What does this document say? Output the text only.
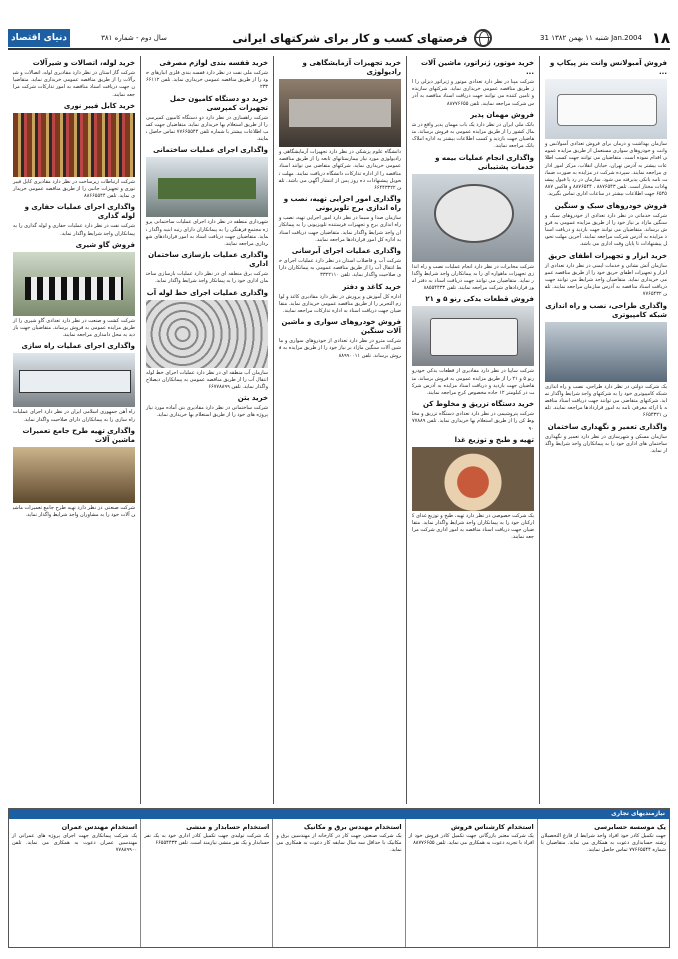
دنیای اقتصاد	سال دوم - شماره ۳۸۱	فرصتهای کسب و کار برای شرکتهای ایرانی	شنبه ۱۱ بهمن ۱۳۸۲ 31 Jan.2004 ۱۸
فروش آمبولانس وانت بنز پیکاپ و ...
سازمان بهداشت و درمان برای فروش تعدادی آمبولانس و وانت و خودروهای سواری مستعمل از طریق مزایده عمومی اقدام نموده است. متقاضیان می توانند جهت کسب اطلاعات بیشتر به آدرس تهران، خیابان انقلاب، مرکز امور اداری مراجعه نمایند. سپرده شرکت در مزایده به صورت ضمانت نامه بانکی پذیرفته می شود. سازمان در رد یا قبول پیشنهادات مختار است. تلفن ۸۸۷۶۵۴۳ ، ۸۸۷۶۵۴۴ و فاکس ۸۸۷۶۵۴۵ جهت اطلاعات بیشتر در ساعات اداری تماس بگیرید.
فروش خودروهای سبک و سنگین
شرکت خدماتی در نظر دارد تعدادی از خودروهای سبک و سنگین مازاد بر نیاز خود را از طریق مزایده عمومی به فروش برساند. متقاضیان می توانند جهت بازدید و دریافت اسناد مزایده به آدرس شرکت مراجعه نمایند. آخرین مهلت تحویل پیشنهادات تا پایان وقت اداری می باشد.
خرید ابزار و تجهیزات اطفای حریق
سازمان آتش نشانی و خدمات ایمنی در نظر دارد تعدادی از ابزار و تجهیزات اطفای حریق خود را از طریق مناقصه عمومی خریداری نماید. متقاضیان واجد شرایط می توانند جهت دریافت اسناد مناقصه به آدرس سازمان مراجعه نمایند. تلفن ۷۷۶۵۴۳۲
واگذاری طراحی، نصب و راه اندازی شبکه کامپیوتری
یک شرکت دولتی در نظر دارد طراحی، نصب و راه اندازی شبکه کامپیوتری خود را به شرکتهای واجد شرایط واگذار نماید. شرکتهای متقاضی می توانند جهت دریافت اسناد مناقصه با ارائه معرفی نامه به امور قراردادها مراجعه نمایند. تلفن ۶۶۵۴۳۲۱
واگذاری تعمیر و نگهداری ساختمان
سازمان مسکن و شهرسازی در نظر دارد تعمیر و نگهداری ساختمان های اداری خود را به پیمانکاران واجد شرایط واگذار نماید.
خرید موتور، ژنراتور، ماشین آلات ...
شرکت مپنا در نظر دارد تعدادی موتور و ژنراتور دیزلی را از طریق مناقصه عمومی خریداری نماید. شرکتهای سازنده و تامین کننده می توانند جهت دریافت اسناد مناقصه به آدرس شرکت مراجعه نمایند. تلفن ۸۸۷۷۶۶۵۵
فروش مهمان پذیر
بانک ملی ایران در نظر دارد یک باب مهمان پذیر واقع در شمال کشور را از طریق مزایده عمومی به فروش برساند. متقاضیان جهت بازدید و کسب اطلاعات بیشتر به اداره املاک بانک مراجعه نمایند.
واگذاری انجام عملیات بیمه و خدمات پشتیبانی
شرکت مخابرات در نظر دارد انجام عملیات نصب و راه اندازی تجهیزات ماهواره ای را به پیمانکاران واجد شرایط واگذار نماید. متقاضیان می توانند جهت دریافت اسناد به دفتر امور قراردادهای شرکت مراجعه نمایند. تلفن ۸۸۵۵۴۴۳۳
فروش قطعات یدکی رنو ۵ و ۲۱
شرکت سایپا در نظر دارد مقادیری از قطعات یدکی خودرو رنو ۵ و ۲۱ را از طریق مزایده عمومی به فروش برساند. متقاضیان جهت بازدید و دریافت اسناد مزایده به آدرس شرکت در کیلومتر ۱۲ جاده مخصوص کرج مراجعه نمایند.
خرید دستگاه تزریق و مخلوط کن
شرکت پتروشیمی در نظر دارد تعدادی دستگاه تزریق و مخلوط کن را از طریق استعلام بها خریداری نماید. تلفن ۷۷۸۸۹۹۰
تهیه و طبخ و توزیع غذا
یک شرکت خصوصی در نظر دارد تهیه، طبخ و توزیع غذای کارکنان خود را به پیمانکاران واجد شرایط واگذار نماید. متقاضیان جهت دریافت اسناد مناقصه به امور اداری شرکت مراجعه نمایند.
خرید تجهیزات آزمایشگاهی و رادیولوژی
دانشگاه علوم پزشکی در نظر دارد تجهیزات آزمایشگاهی و رادیولوژی مورد نیاز بیمارستانهای تابعه را از طریق مناقصه عمومی خریداری نماید. شرکتهای متقاضی می توانند اسناد مناقصه را از اداره تدارکات دانشگاه دریافت نمایند. مهلت تحویل پیشنهادات ده روز پس از انتشار آگهی می باشد. تلفن ۶۶۴۴۳۳۲۲
واگذاری امور اجرایی تهیه، نصب و راه اندازی برج تلویزیونی
سازمان صدا و سیما در نظر دارد امور اجرایی تهیه، نصب و راه اندازی برج و تجهیزات فرستنده تلویزیونی را به پیمانکاران واجد شرایط واگذار نماید. متقاضیان جهت دریافت اسناد به اداره کل امور قراردادها مراجعه نمایند.
واگذاری عملیات اجرای آبرسانی
شرکت آب و فاضلاب استان در نظر دارد عملیات اجرای خط انتقال آب را از طریق مناقصه عمومی به پیمانکاران دارای صلاحیت واگذار نماید. تلفن ۳۳۲۲۱۱۰
خرید کاغذ و دفتر
اداره کل آموزش و پرورش در نظر دارد مقادیری کاغذ و لوازم التحریر را از طریق مناقصه عمومی خریداری نماید. متقاضیان جهت دریافت اسناد به اداره تدارکات مراجعه نمایند.
فروش خودروهای سواری و ماشین آلات سنگین
شرکت مترو در نظر دارد تعدادی از خودروهای سواری و ماشین آلات سنگین مازاد بر نیاز خود را از طریق مزایده به فروش برساند. تلفن ۸۸۹۹۰۰۱۱
خرید قفسه بندی لوازم مصرفی
شرکت ملی نفت در نظر دارد قفسه بندی فلزی انبارهای خود را از طریق مناقصه عمومی خریداری نماید. تلفن ۶۶۱۱۲۲۳۳
خرید دو دستگاه کامیون حمل تجهیزات کمپرسی
شرکت راهسازی در نظر دارد دو دستگاه کامیون کمپرسی را از طریق استعلام بها خریداری نماید. متقاضیان جهت کسب اطلاعات بیشتر با شماره تلفن ۷۷۶۶۵۵۴۴ تماس حاصل نمایند.
واگذاری اجرای عملیات ساختمانی
شهرداری منطقه در نظر دارد اجرای عملیات ساختمانی پروژه مجتمع فرهنگی را به پیمانکاران دارای رتبه ابنیه واگذار نماید. متقاضیان جهت دریافت اسناد به امور قراردادهای شهرداری مراجعه نمایند.
واگذاری عملیات بازسازی ساختمان اداری
شرکت برق منطقه ای در نظر دارد عملیات بازسازی ساختمان اداری خود را به پیمانکار واجد شرایط واگذار نماید.
واگذاری عملیات اجرای خط لوله آب
سازمان آب منطقه ای در نظر دارد عملیات اجرای خط لوله انتقال آب را از طریق مناقصه عمومی به پیمانکاران ذیصلاح واگذار نماید. تلفن ۶۶۷۷۸۸۹۹
خرید بتن
شرکت ساختمانی در نظر دارد مقادیری بتن آماده مورد نیاز پروژه های خود را از طریق استعلام بها خریداری نماید.
خرید لوله، اتصالات و شیرآلات
شرکت گاز استان در نظر دارد مقادیری لوله، اتصالات و شیرآلات را از طریق مناقصه عمومی خریداری نماید. متقاضیان جهت دریافت اسناد مناقصه به امور تدارکات شرکت مراجعه نمایند.
خرید کابل فیبر نوری
شرکت ارتباطات زیرساخت در نظر دارد مقادیری کابل فیبر نوری و تجهیزات جانبی را از طریق مناقصه عمومی خریداری نماید. تلفن ۸۸۶۶۵۵۴۴
واگذاری اجرای عملیات حفاری و لوله گذاری
شرکت نفت در نظر دارد عملیات حفاری و لوله گذاری را به پیمانکاران واجد شرایط واگذار نماید.
فروش گاو شیری
شرکت کشت و صنعت در نظر دارد تعدادی گاو شیری را از طریق مزایده عمومی به فروش برساند. متقاضیان جهت بازدید به محل دامداری مراجعه نمایند.
واگذاری اجرای عملیات راه سازی
راه آهن جمهوری اسلامی ایران در نظر دارد اجرای عملیات راه سازی را به پیمانکاران دارای صلاحیت واگذار نماید.
واگذاری تهیه طرح جامع تعمیرات ماشین آلات
شرکت صنعتی در نظر دارد تهیه طرح جامع تعمیرات ماشین آلات خود را به مشاوران واجد شرایط واگذار نماید.
نیازمندیهای تجاری
یک موسسه حسابرسی
جهت تکمیل کادر خود افراد واجد شرایط از فارغ التحصیلان رشته حسابداری دعوت به همکاری می نماید. متقاضیان با شماره ۷۷۶۶۵۵۴۴ تماس حاصل نمایند.
استخدام کارشناس فروش
یک شرکت معتبر بازرگانی جهت تکمیل کادر فروش خود از افراد با تجربه دعوت به همکاری می نماید. تلفن ۸۸۷۷۶۶۵۵
استخدام مهندس برق و مکانیک
یک شرکت صنعتی جهت کار در کارخانه از مهندسین برق و مکانیک با حداقل سه سال سابقه کار دعوت به همکاری می نماید.
استخدام حسابدار و منشی
یک شرکت تولیدی جهت تکمیل کادر اداری خود به یک نفر حسابدار و یک نفر منشی نیازمند است. تلفن ۶۶۵۵۴۴۳۳
استخدام مهندس عمران
یک شرکت پیمانکاری جهت اجرای پروژه های عمرانی از مهندسین عمران دعوت به همکاری می نماید. تلفن ۷۷۸۸۹۹۰۰
